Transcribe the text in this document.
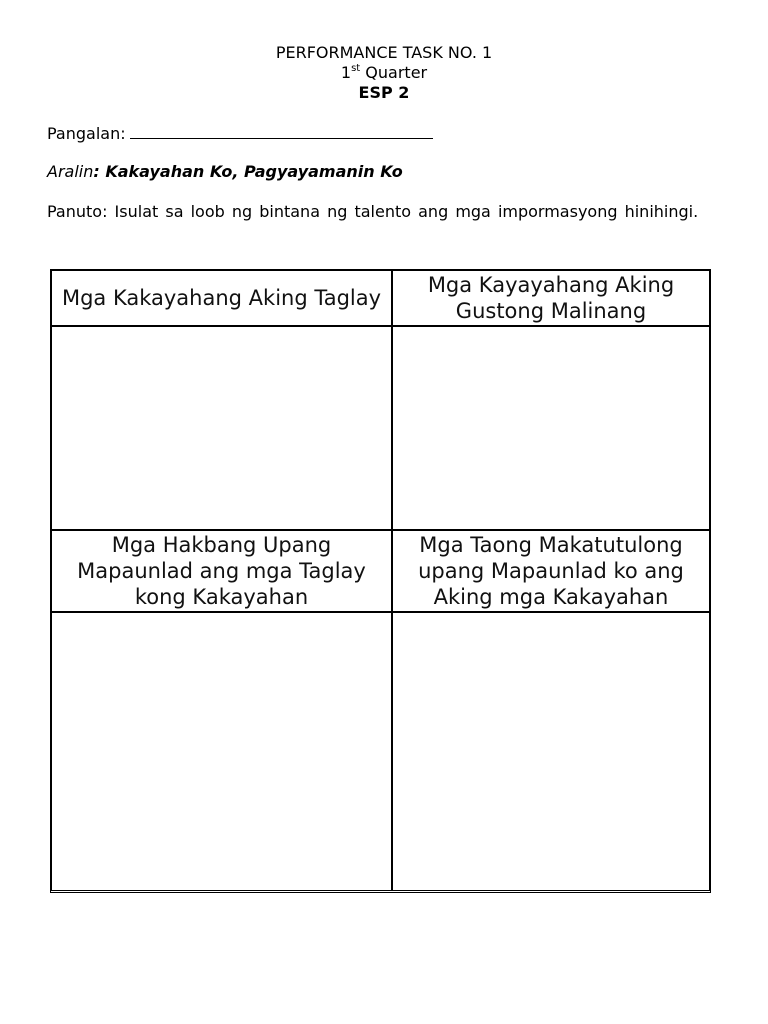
PERFORMANCE TASK NO. 1
1st Quarter
ESP 2
Pangalan:
Aralin: Kakayahan Ko, Pagyayamanin Ko
Panuto: Isulat sa loob ng bintana ng talento ang mga impormasyong hinihingi.
Mga Kakayahang Aking Taglay
Mga Kayayahang Aking Gustong Malinang
Mga Hakbang Upang Mapaunlad ang mga Taglay kong Kakayahan
Mga Taong Makatutulong upang Mapaunlad ko ang Aking mga Kakayahan
